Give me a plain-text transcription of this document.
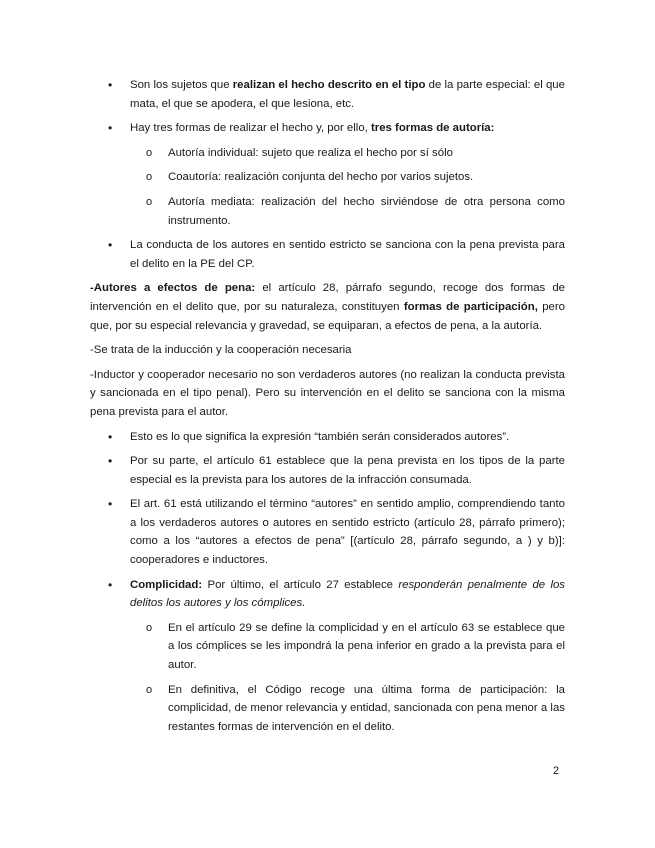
• Son los sujetos que realizan el hecho descrito en el tipo de la parte especial: el que mata, el que se apodera, el que lesiona, etc.
• Hay tres formas de realizar el hecho y, por ello, tres formas de autoría:
o Autoría individual: sujeto que realiza el hecho por sí sólo
o Coautoría: realización conjunta del hecho por varios sujetos.
o Autoría mediata: realización del hecho sirviéndose de otra persona como instrumento.
• La conducta de los autores en sentido estricto se sanciona con la pena prevista para el delito en la PE del CP.
-Autores a efectos de pena: el artículo 28, párrafo segundo, recoge dos formas de intervención en el delito que, por su naturaleza, constituyen formas de participación, pero que, por su especial relevancia y gravedad, se equiparan, a efectos de pena, a la autoría.
-Se trata de la inducción y la cooperación necesaria
-Inductor y cooperador necesario no son verdaderos autores (no realizan la conducta prevista y sancionada en el tipo penal). Pero su intervención en el delito se sanciona con la misma pena prevista para el autor.
• Esto es lo que significa la expresión “también serán considerados autores”.
• Por su parte, el artículo 61 establece que la pena prevista en los tipos de la parte especial es la prevista para los autores de la infracción consumada.
• El art. 61 está utilizando el término “autores” en sentido amplio, comprendiendo tanto a los verdaderos autores o autores en sentido estricto (artículo 28, párrafo primero); como a los “autores a efectos de pena” [(artículo 28, párrafo segundo, a ) y b)]: cooperadores e inductores.
• Complicidad: Por último, el artículo 27 establece responderán penalmente de los delitos los autores y los cómplices.
o En el artículo 29 se define la complicidad y en el artículo 63 se establece que a los cómplices se les impondrá la pena inferior en grado a la prevista para el autor.
o En definitiva, el Código recoge una última forma de participación: la complicidad, de menor relevancia y entidad, sancionada con pena menor a las restantes formas de intervención en el delito.
2
